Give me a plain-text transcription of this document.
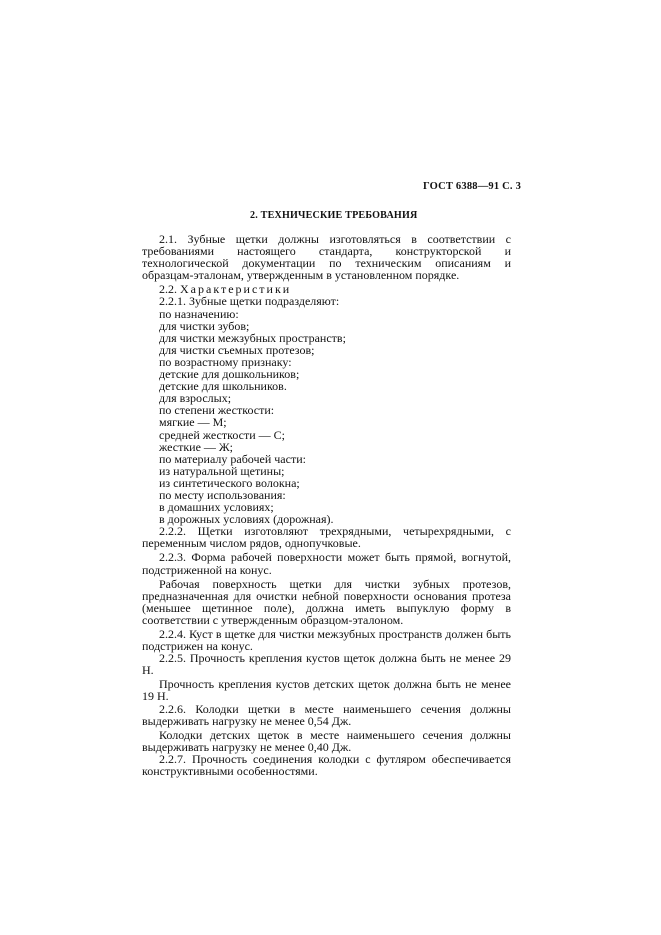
ГОСТ 6388—91 С. 3
2. ТЕХНИЧЕСКИЕ ТРЕБОВАНИЯ

2.1. Зубные щетки должны изготовляться в соответствии с требованиями настоящего стандарта, конструкторской и технологической документации по техническим описаниям и образцам-эталонам, утвержденным в установленном порядке.

2.2. Характеристики

2.2.1. Зубные щетки подразделяют:

по назначению:

для чистки зубов;

для чистки межзубных пространств;

для чистки съемных протезов;

по возрастному признаку:

детские для дошкольников;

детские для школьников.

для взрослых;

по степени жесткости:

мягкие — М;

средней жесткости — С;

жесткие — Ж;

по материалу рабочей части:

из натуральной щетины;

из синтетического волокна;

по месту использования:

в домашних условиях;

в дорожных условиях (дорожная).

2.2.2. Щетки изготовляют трехрядными, четырехрядными, с переменным числом рядов, однопучковые.

2.2.3. Форма рабочей поверхности может быть прямой, вогнутой, подстриженной на конус.

Рабочая поверхность щетки для чистки зубных протезов, предназначенная для очистки небной поверхности основания протеза (меньшее щетинное поле), должна иметь выпуклую форму в соответствии с утвержденным образцом-эталоном.

2.2.4. Куст в щетке для чистки межзубных пространств должен быть подстрижен на конус.

2.2.5. Прочность крепления кустов щеток должна быть не менее 29 Н.

Прочность крепления кустов детских щеток должна быть не менее 19 Н.

2.2.6. Колодки щетки в месте наименьшего сечения должны выдерживать нагрузку не менее 0,54 Дж.

Колодки детских щеток в месте наименьшего сечения должны выдерживать нагрузку не менее 0,40 Дж.

2.2.7. Прочность соединения колодки с футляром обеспечивается конструктивными особенностями.
